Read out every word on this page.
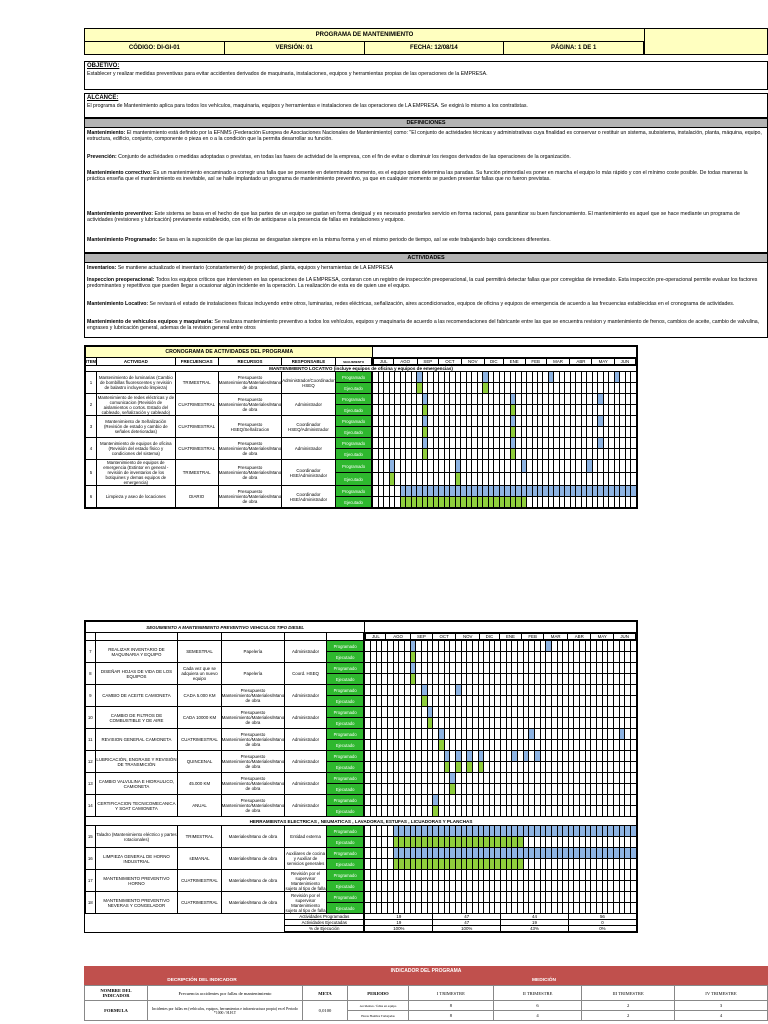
PROGRAMA DE MANTENIMIENTO
CÓDIGO: DI-GI-01	VERSIÓN: 01	FECHA: 12/08/14	PÁGINA: 1 DE 1
OBJETIVO:
Establecer y realizar medidas preventivas para evitar accidentes derivados de maquinaria, instalaciones, equipos y herramientas propias de las operaciones de la EMPRESA.
ALCANCE:
El programa de Mantenimiento aplica para todos los vehículos, maquinaria, equipos y herramientas e instalaciones de las operaciones de LA EMPRESA. Se exigirá lo mismo a los contratistas.
DEFINICIONES
Mantenimiento: El mantenimiento está definido por la EFNMS (Federación Europea de Asociaciones Nacionales de Mantenimiento) como: "El conjunto de actividades técnicas y administrativas cuya finalidad es conservar o restituir un sistema, subsistema, instalación, planta, máquina, equipo, estructura, edificio, conjunto, componente o pieza en o a la condición que la permita desarrollar su función.
Prevención: Conjunto de actividades o medidas adoptadas o previstas, en todas las fases de actividad de la empresa, con el fin de evitar o disminuir los riesgos derivados de las operaciones de la organización.
Mantenimiento correctivo: Es un mantenimiento encaminado a corregir una falla que se presente en determinado momento, es el equipo quien determina las paradas. Su función primordial es poner en marcha el equipo lo más rápido y con el mínimo coste posible. De todas maneras la práctica enseña que el mantenimiento es inevitable, así se halle implantado un programa de mantenimiento preventivo, ya que en cualquier momento se pueden presentar fallas que no fueron previstas.
Mantenimiento preventivo: Este sistema se basa en el hecho de que las partes de un equipo se gastan en forma desigual y es necesario prestarles servicio en forma racional, para garantizar su buen funcionamiento. El mantenimiento es aquel que se hace mediante un programa de actividades (revisiones y lubricación) previamente establecido, con el fin de anticiparse a la presencia de fallas en instalaciones y equipos.
Mantenimiento Programado: Se basa en la suposición de que las piezas se desgastan siempre en la misma forma y en el mismo periodo de tiempo, así se este trabajando bajo condiciones diferentes.
ACTIVIDADES
Inventarios: Se mantiene actualizado el inventario (constantemente) de propiedad, planta, equipos y herramientas de LA EMPRESA
Inspeccion preoperacional: Todos los equipos críticos que intervienen en las operaciones de LA EMPRESA, contaran con un registro de inspección preoperacional, la cual permitirá detectar fallas que por corregidas de inmediato. Esta inspección pre-operacional permite evaluar los factores predominantes y repetitivos que pueden llegar a ocasionar algún incidente en la operación. La realización de esta es de quien use el equipo.
Mantenimiento Locativo: Se revisará el estado de instalaciones físicas incluyendo entre otros, luminarias, redes eléctricas, señalización, aires acondicionados, equipos de oficina y equipos de emergencia de acuerdo a las frecuencias establecidas en el cronograma de actividades.
Mantenimiento de vehículos equipos y maquinaria: Se realizara mantenimiento preventivo a todos los vehículos, equipos y maquinaria de acuerdo a las recomendaciones del fabricante entre las que se encuentra revision y mantenimiento de frenos, cambios de aceite, cambio de valvulina, engrases y lubricación general, ademas de la revision general entre otros
CRONOGRAMA DE ACTIVIDADES DEL PROGRAMA	
ITEM	ACTIVIDAD	FRECUENCIAS	RECURSOS	RESPONSABLE	SEGUIMIENTO			JUL	AGO	SEP	OCT	NOV	DIC	ENE	FEB	MAR	ABR	MAY	JUN

MANTENIMIENTO LOCATIVO (incluye equipos de oficina y equipos de emergencias)
1	Mantenimiento de luminarias (Cambio de bombillas fluorescentes y revisión de balastro incluyendo limpieza)	TRIMESTRAL	Presupuesto Mantenimiento/Materiales/Mano de obra	Administrador/Coordinador HSEQ	Programado																																																	
Ejecutado																																																	
2	Mantenimiento de redes eléctricas y de comunicacion (Revisión de aislamientos o cortos. Estado del cableado, señalización y cableado)	CUATRIMESTRAL	Presupuesto Mantenimiento/Materiales/Mano de obra	Administrador	Programado																																																	
Ejecutado																																																	
3	Mantenimiento de Señalización (Revisión de estado y cambio de señales deterioradas)	CUATRIMESTRAL	Presupuesto HSEQ/Señalizacion	Coordinador HSEQ/Administrador	Programado																																																	
Ejecutado																																																	
4	Mantenimiento de equipos de oficina (Revisión del estado físico y condiciones del sistema)	CUATRIMESTRAL	Presupuesto Mantenimiento/Materiales/Mano de obra	Administrador	Programado																																																	
Ejecutado																																																	
5	Mantenimiento de equipos de emergencia (Extintor en general - revisión de inventarios de los botiquines y demas equipos de emergencia)	TRIMESTRAL	Presupuesto Mantenimiento/Materiales/Mano de obra	Coordinador HSE/Administrador	Programado																																																	
Ejecutado																																																	
6	Limpieza y aseo de locaciones	DIARIO	Presupuesto Mantenimiento/Materiales/Mano de obra	Coordinador HSE/Administrador	Programado																																																	
Ejecutado																																																	
SEGUIMIENTO A MANTENIMIENTO PREVENTIVO VEHICULOS TIPO DIESEL	

JUL	AGO	SEP	OCT	NOV	DIC	ENE	FEB	MAR	ABR	MAY	JUN

7	REALIZAR INVENTARIO DE MAQUINARIA Y EQUIPO	SEMESTRAL	Papelería	Administrador	Programado																																																	
Ejecutado																																																	
8	DISEÑAR HOJAS DE VIDA DE LOS EQUIPOS	Cada vez que se adquiera un nuevo equipo	Papelería	Coord. HSEQ	Programado																																																	
Ejecutado																																																	
9	CAMBIO DE ACEITE CAMIONETA	CADA 5.000 KM	Presupuesto Mantenimiento/Materiales/Mano de obra	Administrador	Programado																																																	
Ejecutado																																																	
10	CAMBIO DE FILTROS DE COMBUSTIBLE Y DE AIRE	CADA 10000 KM	Presupuesto Mantenimiento/Materiales/Mano de obra	Administrador	Programado																																																	
Ejecutado																																																	
11	REVISION GENERAL CAMIONETA	CUATRIMESTRAL	Presupuesto Mantenimiento/Materiales/Mano de obra	Administrador	Programado																																																	
Ejecutado																																																	
12	LUBRICACIÓN, ENGRASE Y REVISIÓN DE TRANSMICIÓN	QUINCENAL	Presupuesto Mantenimiento/Materiales/Mano de obra	Administrador	Programado																																																	
Ejecutado																																																	
13	CAMBIO VALVULINA E HIDRAULICO, CAMIONETA	45.000 KM	Presupuesto Mantenimiento/Materiales/Mano de obra	Administrador	Programado																																																	
Ejecutado																																																	
14	CERTIFICACION TECNICOMECANICA Y SOAT CAMIONETA	ANUAL	Presupuesto Mantenimiento/Materiales/Mano de obra	Administrador	Programado																																																	
Ejecutado																																																	
HERRAMIENTAS ELECTRICAS , NEUMATICAS , LAVADORAS, ESTUFAS , LICUADORAS Y PLANCHAS
15	Taladro (Mantenimiento eléctrico y partes rotacionales)	TRIMESTRAL	Materiales/Mano de obra	Entidad externa	Programado																																																	
Ejecutado																																																	
16	LIMPIEZA GENERAL DE HORNO INDUSTRIAL	sEMANAL	Materiales/Mano de obra	Auxiliares de cocina y Auxiliar de servicios generales	Programado																																																	
Ejecutado																																																	
17	MANTENIMIENTO PREVENTIVO HORNO	CUATRIMESTRAL	Materiales/Mano de obra	Revisión por el supervisor Mantenimiento sujeto al tipo de falla	Programado																																																	
Ejecutado																																																	
18	MANTENIMIENTO PREVENTIVO NEVERAS Y CONGELADOR	CUATRIMESTRAL	Materiales/Mano de obra	Revisión por el supervisor Mantenimiento sujeto al tipo de falla	Programado																																																	
Ejecutado																																																	
	Actividades Programadas		19	47	44	56
	Actividades Ejecutadas		19	47	19	0
	% de Ejecución		100%	100%	43%	0%
INDICADOR DEL PROGRAMA
DECRIPCIÓN DEL INDICADOR	MEDICIÓN
NOMBRE DEL INDICADOR	Frecuencia accidentes por fallas de mantenimiento	META	PERIODO	I TRIMESTRE	II TRIMESTRE	III TRIMESTRE	IV TRIMESTRE
FORMULA	Incidentes por fallas en (vehículos, equipos, herramientas e infraestructura propia) en el Periodo *1000 / H.H.T	0,0100	Accidentes / fallas en equipo	8	6	2	3
			Horas Hombre Trabajadas	8	4	2	4
